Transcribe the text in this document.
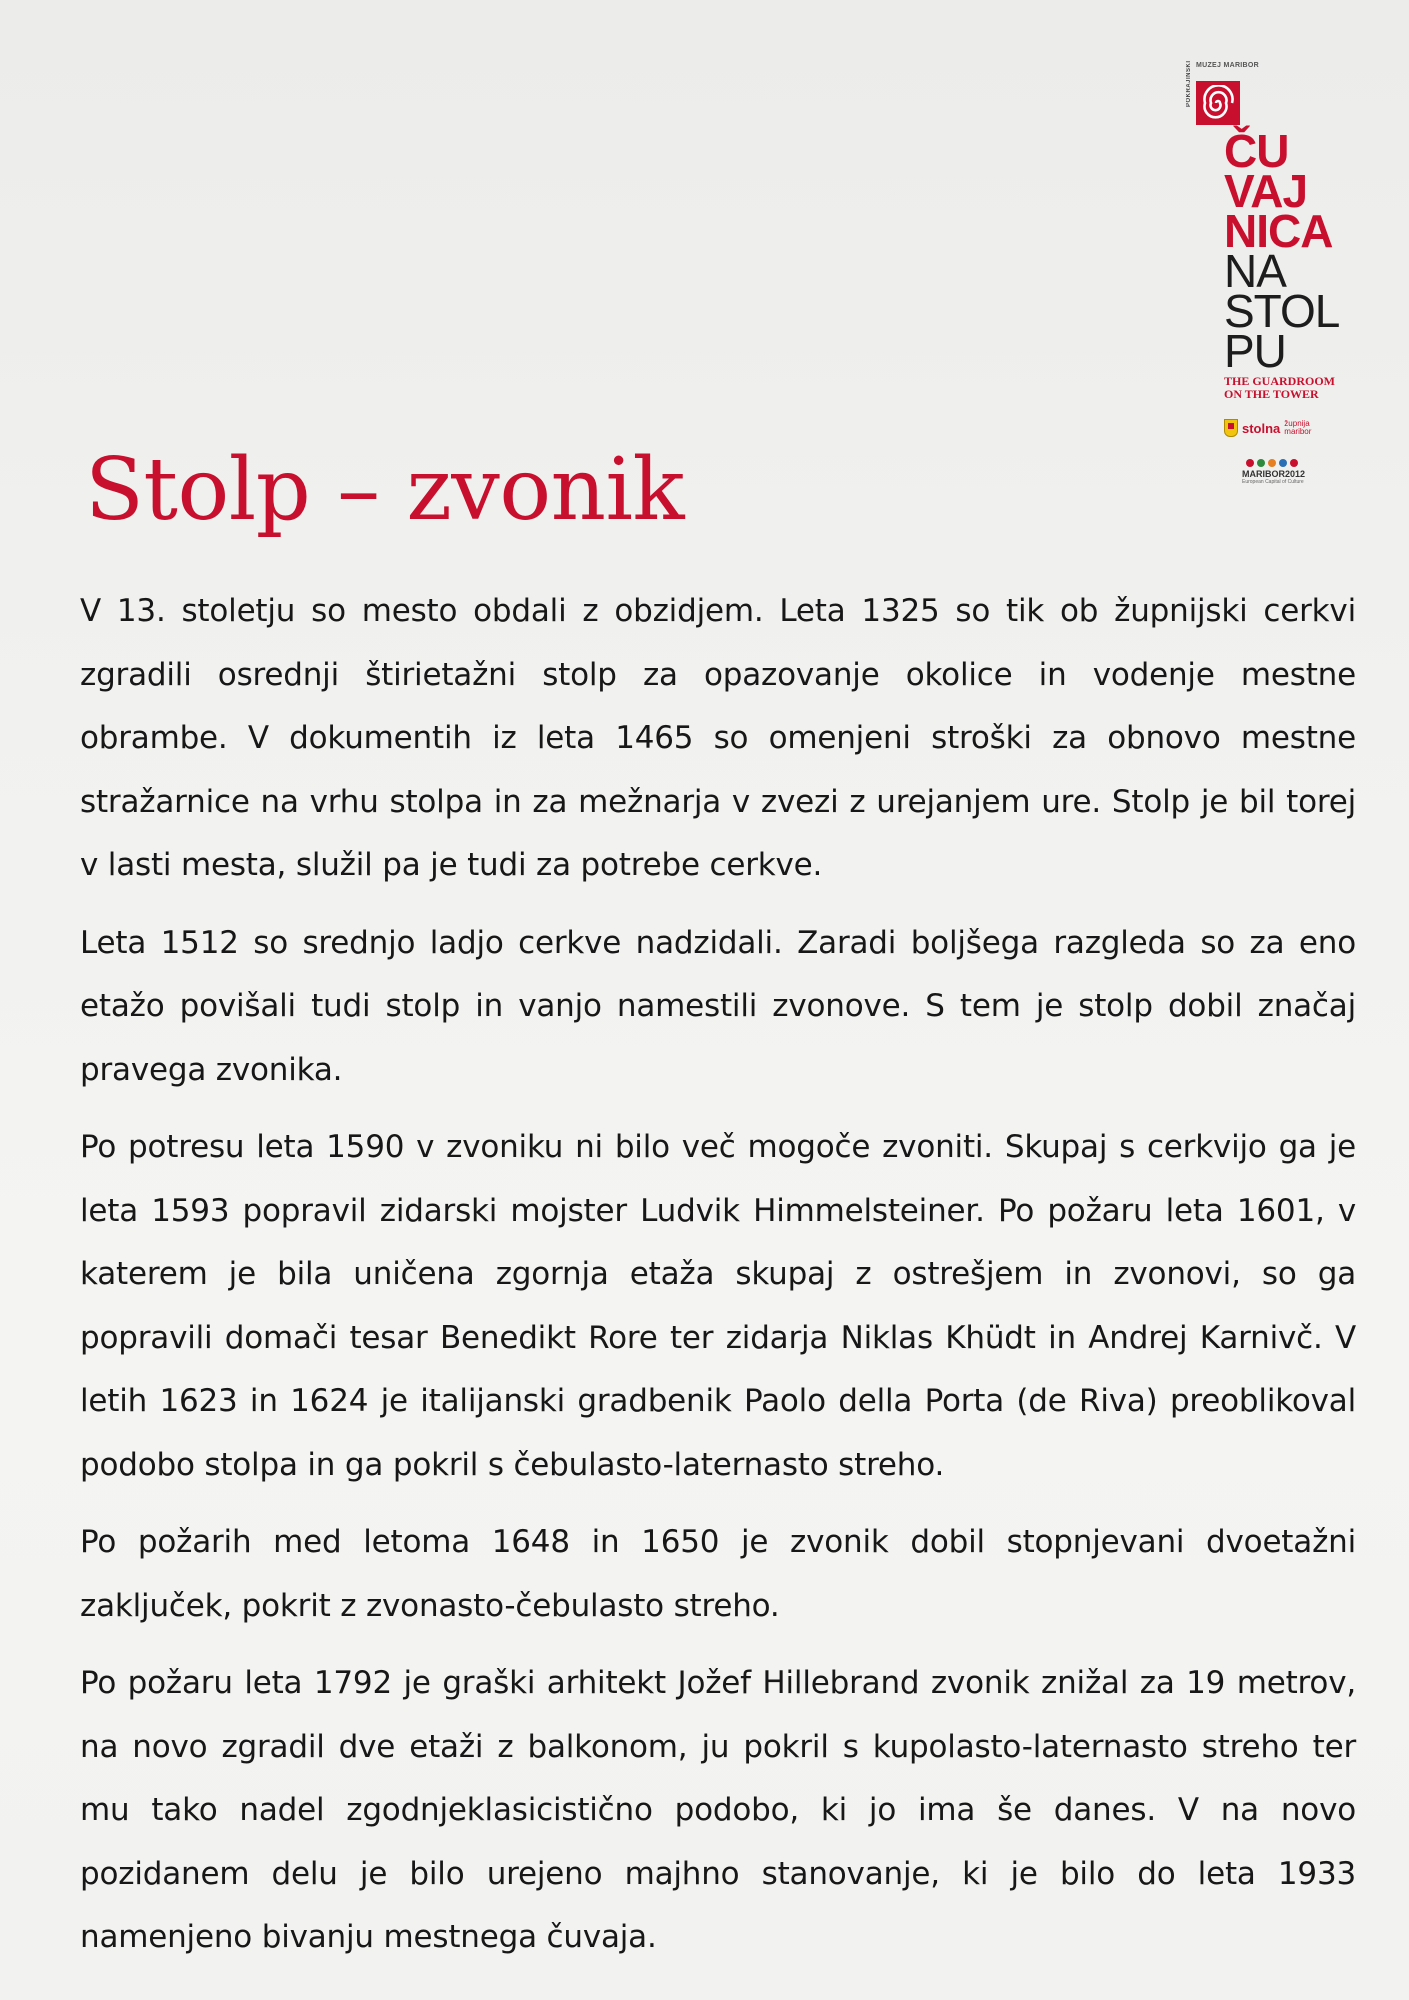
POKRAJINSKI MUZEJ MARIBOR
ČU
VAJ
NICA
NA
STOL
PU
THE GUARDROOM
ON THE TOWER
stolna župnija
maribor
MARIBOR2012
European Capital of Culture
Stolp – zvonik

V 13. stoletju so mesto obdali z obzidjem. Leta 1325 so tik ob župnijski cerkvi zgradili osrednji štirietažni stolp za opazovanje okolice in vodenje mestne obrambe. V dokumentih iz leta 1465 so omenjeni stroški za obnovo mestne stražarnice na vrhu stolpa in za mežnarja v zvezi z urejanjem ure. Stolp je bil torej v lasti mesta, služil pa je tudi za potrebe cerkve.

Leta 1512 so srednjo ladjo cerkve nadzidali. Zaradi boljšega razgleda so za eno etažo povišali tudi stolp in vanjo namestili zvonove. S tem je stolp dobil značaj pravega zvonika.

Po potresu leta 1590 v zvoniku ni bilo več mogoče zvoniti. Skupaj s cerkvijo ga je leta 1593 popravil zidarski mojster Ludvik Himmelsteiner. Po požaru leta 1601, v katerem je bila uničena zgornja etaža skupaj z ostrešjem in zvonovi, so ga popravili domači tesar Benedikt Rore ter zidarja Niklas Khüdt in Andrej Karnivč. V letih 1623 in 1624 je italijanski gradbenik Paolo della Porta (de Riva) preoblikoval podobo stolpa in ga pokril s čebulasto-laternasto streho.

Po požarih med letoma 1648 in 1650 je zvonik dobil stopnjevani dvoetažni zaključek, pokrit z zvonasto-čebulasto streho.

Po požaru leta 1792 je graški arhitekt Jožef Hillebrand zvonik znižal za 19 metrov, na novo zgradil dve etaži z balkonom, ju pokril s kupolasto-laternasto streho ter mu tako nadel zgodnjeklasicistično podobo, ki jo ima še danes. V na novo pozidanem delu je bilo urejeno majhno stanovanje, ki je bilo do leta 1933 namenjeno bivanju mestnega čuvaja.
